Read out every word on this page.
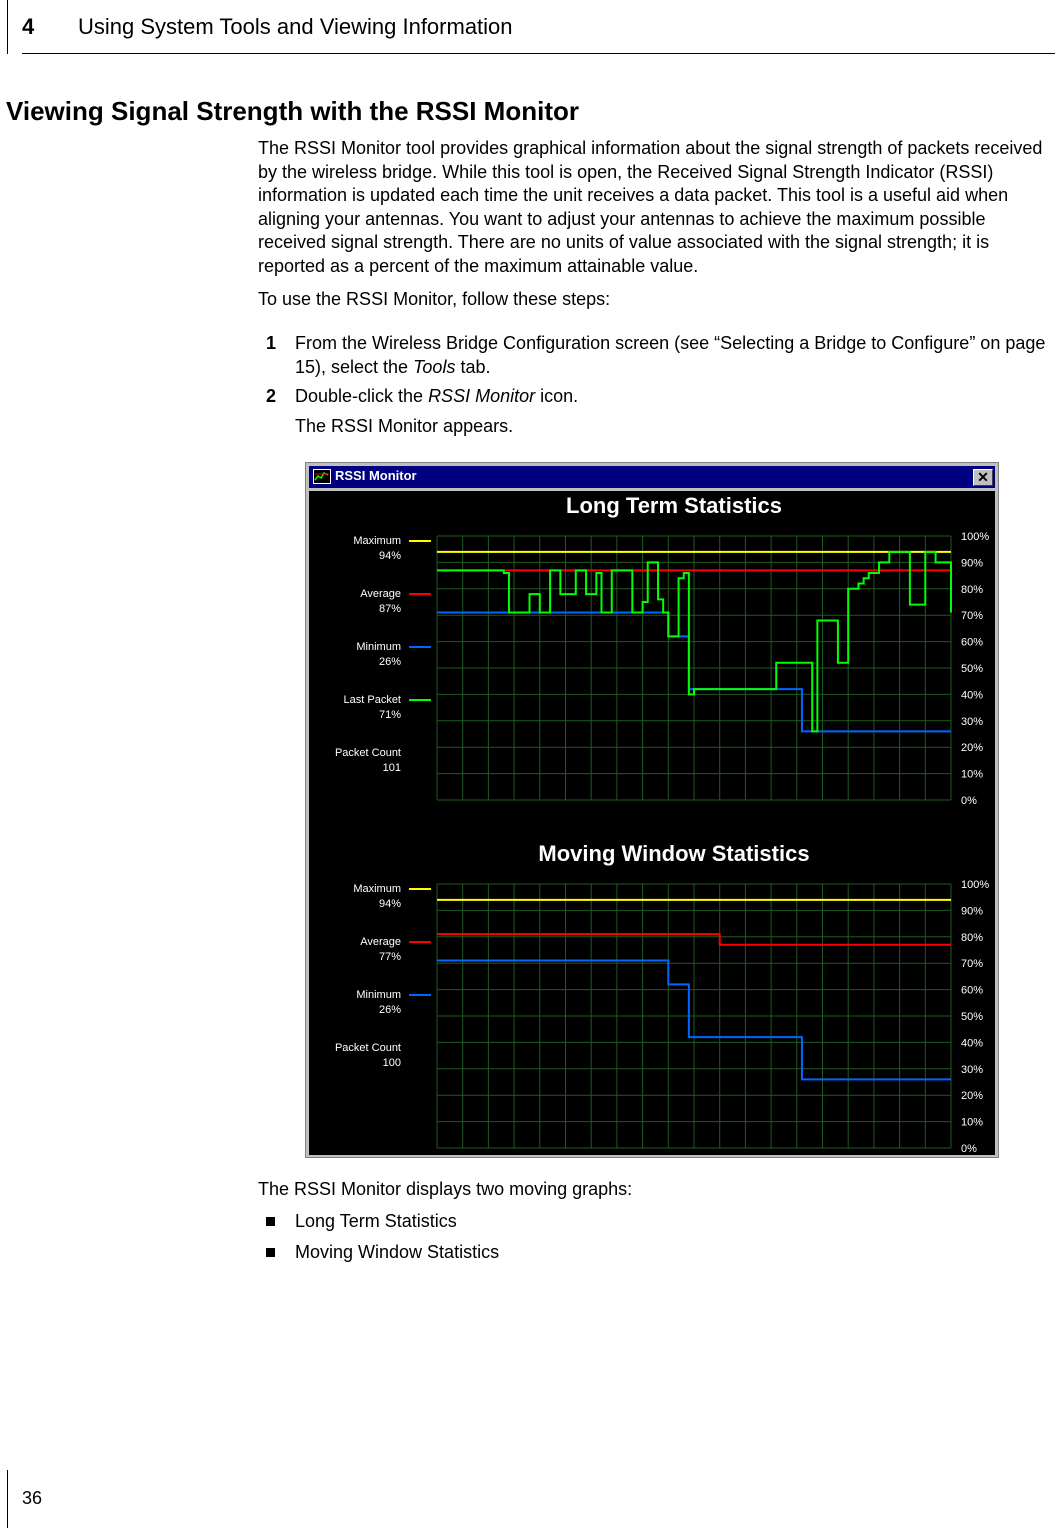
4 Using System Tools and Viewing Information
Viewing Signal Strength with the RSSI Monitor

The RSSI Monitor tool provides graphical information about the signal strength of packets received by the wireless bridge. While this tool is open, the Received Signal Strength Indicator (RSSI) information is updated each time the unit receives a data packet. This tool is a useful aid when aligning your antennas. You want to adjust your antennas to achieve the maximum possible received signal strength. There are no units of value associated with the signal strength; it is reported as a percent of the maximum attainable value.

To use the RSSI Monitor, follow these steps:

1 From the Wireless Bridge Configuration screen (see “Selecting a Bridge to Configure” on page 15), select the Tools tab.
2 Double-click the RSSI Monitor icon.
The RSSI Monitor appears.
RSSI Monitor	✕
Long Term Statistics
100%
90%
80%
70%
60%
50%
40%
30%
20%
10%
0%
Maximum
94%
Average
87%
Minimum
26%
Last Packet
71%
Packet Count
101
Moving Window Statistics
100%
90%
80%
70%
60%
50%
40%
30%
20%
10%
0%
Maximum
94%
Average
77%
Minimum
26%
Packet Count
100
The RSSI Monitor displays two moving graphs:
Long Term Statistics
Moving Window Statistics
36
